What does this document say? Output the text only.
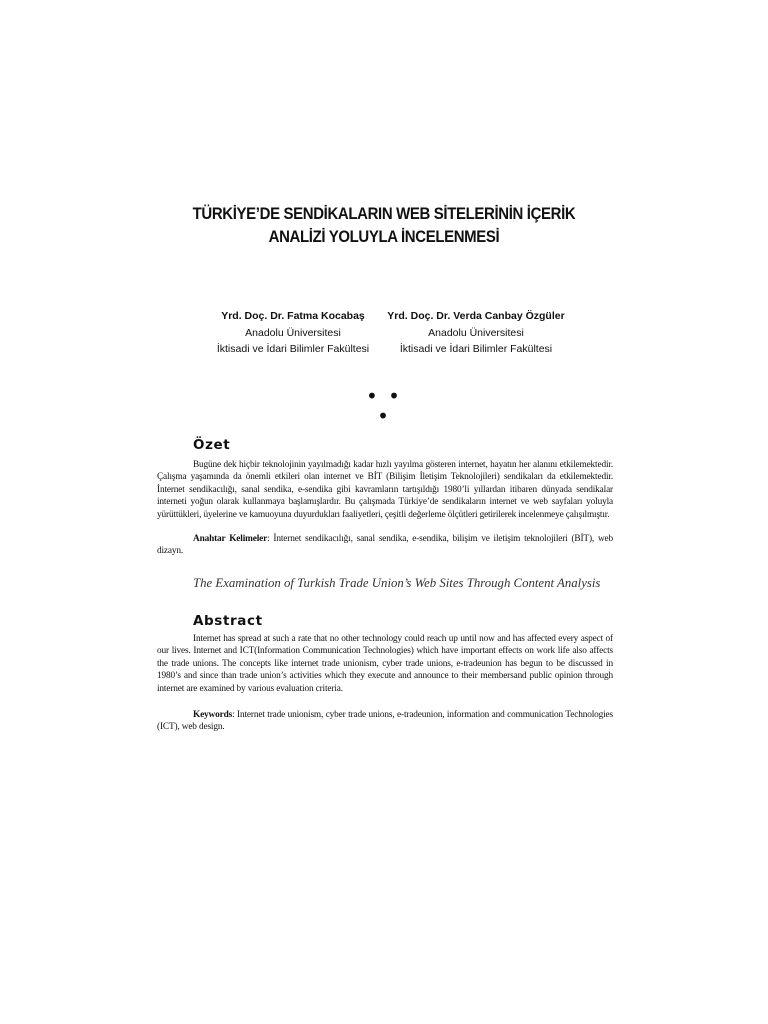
TÜRKİYE’DE SENDİKALARIN WEB SİTELERİNİN İÇERİK
ANALİZİ YOLUYLA İNCELENMESİ
Yrd. Doç. Dr. Fatma Kocabaş
Anadolu Üniversitesi
İktisadi ve İdari Bilimler Fakültesi
Yrd. Doç. Dr. Verda Canbay Özgüler
Anadolu Üniversitesi
İktisadi ve İdari Bilimler Fakültesi
• • •
Özet
Bugüne dek hiçbir teknolojinin yayılmadığı kadar hızlı yayılma gösteren internet, hayatın her alanını etkilemektedir. Çalışma yaşamında da önemli etkileri olan internet ve BİT (Bilişim İletişim Teknolojileri) sendikaları da etkilemektedir. İnternet sendikacılığı, sanal sendika, e-sendika gibi kavramların tartışıldığı 1980’li yıllardan itibaren dünyada sendikalar interneti yoğun olarak kullanmaya başlamışlardır. Bu çalışmada Türkiye’de sendikaların internet ve web sayfaları yoluyla yürüttükleri, üyelerine ve kamuoyuna duyurdukları faaliyetleri, çeşitli değerleme ölçütleri getirilerek incelenmeye çalışılmıştır.
Anahtar Kelimeler: İnternet sendikacılığı, sanal sendika, e-sendika, bilişim ve iletişim teknolojileri (BİT), web dizayn.
The Examination of Turkish Trade Union’s Web Sites Through Content Analysis
Abstract
Internet has spread at such a rate that no other technology could reach up until now and has affected every aspect of our lives. Internet and ICT(Information Communication Technologies) which have important effects on work life also affects the trade unions. The concepts like internet trade unionism, cyber trade unions, e-tradeunion has begun to be discussed in 1980’s and since than trade union’s activities which they execute and announce to their membersand public opinion through internet are examined by various evaluation criteria.
Keywords: Internet trade unionism, cyber trade unions, e-tradeunion, information and communication Technologies (ICT), web design.
